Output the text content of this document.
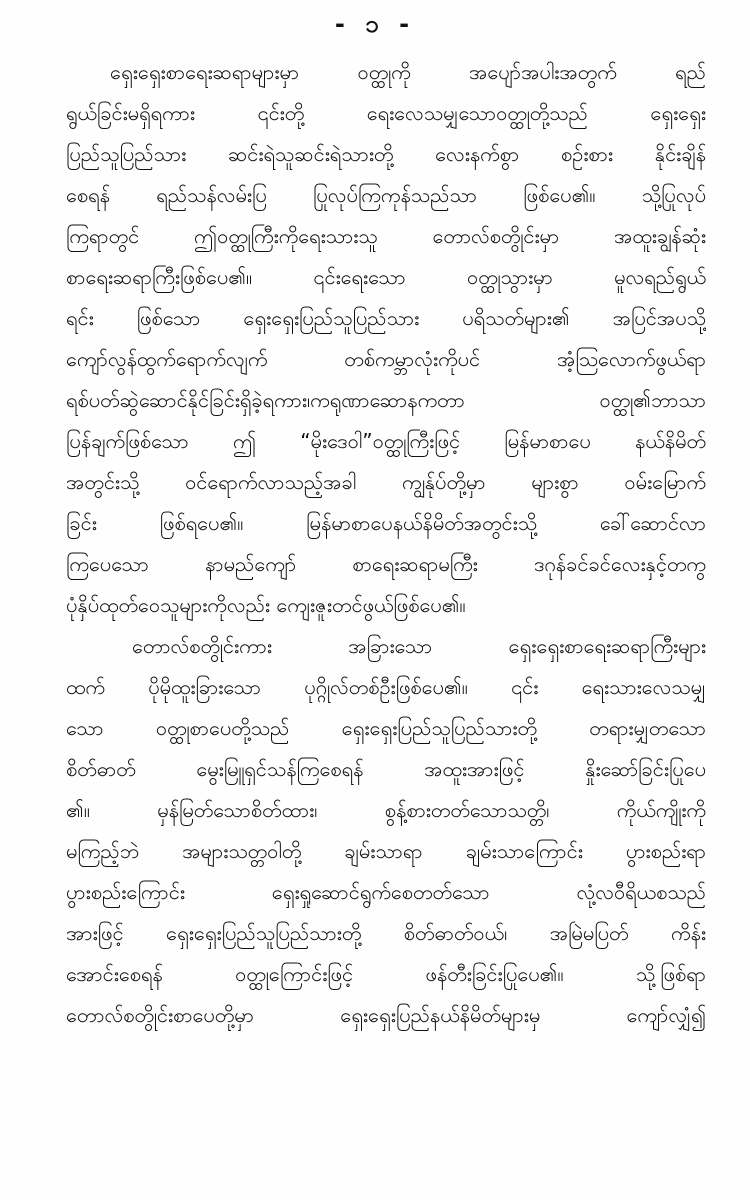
- ၁ -
ရှေးရှေးစာရေးဆရာများမှာ ဝတ္ထုကို အပျော်အပါးအတွက် ရည်
ရွယ်ခြင်းမရှိရကား ၎င်းတို့ ရေးလေသမျှသောဝတ္ထုတို့သည် ရှေးရှေး
ပြည်သူပြည်သား ဆင်းရဲသူဆင်းရဲသားတို့ လေးနက်စွာ စဉ်းစား နိုင်းချိန်
စေရန် ရည်သန်လမ်းပြ ပြုလုပ်ကြကုန်သည်သာ ဖြစ်ပေ၏။ သို့ပြုလုပ်
ကြရာတွင် ဤဝတ္ထုကြီးကိုရေးသားသူ တောလ်စတွိုင်းမှာ အထူးချွန်ဆုံး
စာရေးဆရာကြီးဖြစ်ပေ၏။ ၎င်းရေးသော ဝတ္ထုသွားမှာ မူလရည်ရွယ်
ရင်း ဖြစ်သော ရှေးရှေးပြည်သူပြည်သား ပရိသတ်များ၏ အပြင်အပသို့
ကျော်လွန်ထွက်ရောက်လျက် တစ်ကမ္ဘာလုံးကိုပင် အံ့ဩလောက်ဖွယ်ရာ
ရစ်ပတ်ဆွဲဆောင်နိုင်ခြင်းရှိခဲ့ရကား၊ကရုဏာဆောနကတာ ဝတ္ထု၏ဘာသာ
ပြန်ချက်ဖြစ်သော ဤ “မိုးဒေဝါ”ဝတ္ထုကြီးဖြင့် မြန်မာစာပေ နယ်နိမိတ်
အတွင်းသို့ ဝင်ရောက်လာသည့်အခါ ကျွန်ုပ်တို့မှာ များစွာ ဝမ်းမြောက်
ခြင်း ဖြစ်ရပေ၏။ မြန်မာစာပေနယ်နိမိတ်အတွင်းသို့ ခေါ်ဆောင်လာ
ကြပေသော နာမည်ကျော် စာရေးဆရာမကြီး ဒဂုန်ခင်ခင်လေးနှင့်တကွ
ပုံနှိပ်ထုတ်ဝေသူများကိုလည်း ကျေးဇူးတင်ဖွယ်ဖြစ်ပေ၏။
တောလ်စတွိုင်းကား အခြားသော ရှေးရှေးစာရေးဆရာကြီးများ
ထက် ပိုမိုထူးခြားသော ပုဂ္ဂိုလ်တစ်ဦးဖြစ်ပေ၏။ ၎င်း ရေးသားလေသမျှ
သော ဝတ္ထုစာပေတို့သည် ရှေးရှေးပြည်သူပြည်သားတို့ တရားမျှတသော
စိတ်ဓာတ် မွေးမြူရှင်သန်ကြစေရန် အထူးအားဖြင့် နှိုးဆော်ခြင်းပြုပေ
၏။ မှန်မြတ်သောစိတ်ထား၊ စွန့်စားတတ်သောသတ္တိ၊ ကိုယ်ကျိုးကို
မကြည့်ဘဲ အများသတ္တဝါတို့ ချမ်းသာရာ ချမ်းသာကြောင်း ပွားစည်းရာ
ပွားစည်းကြောင်း ရှေးရှုဆောင်ရွက်စေတတ်သော လုံ့လဝီရိယစသည်
အားဖြင့် ရှေးရှေးပြည်သူပြည်သားတို့ စိတ်ဓာတ်ဝယ်၊ အမြဲမပြတ် ကိန်း
အောင်းစေရန် ဝတ္ထုကြောင်းဖြင့် ဖန်တီးခြင်းပြုပေ၏။ သို့ဖြစ်ရာ
တောလ်စတွိုင်းစာပေတို့မှာ ရှေးရှေးပြည်နယ်နိမိတ်များမှ ကျော်လျှံ၍
